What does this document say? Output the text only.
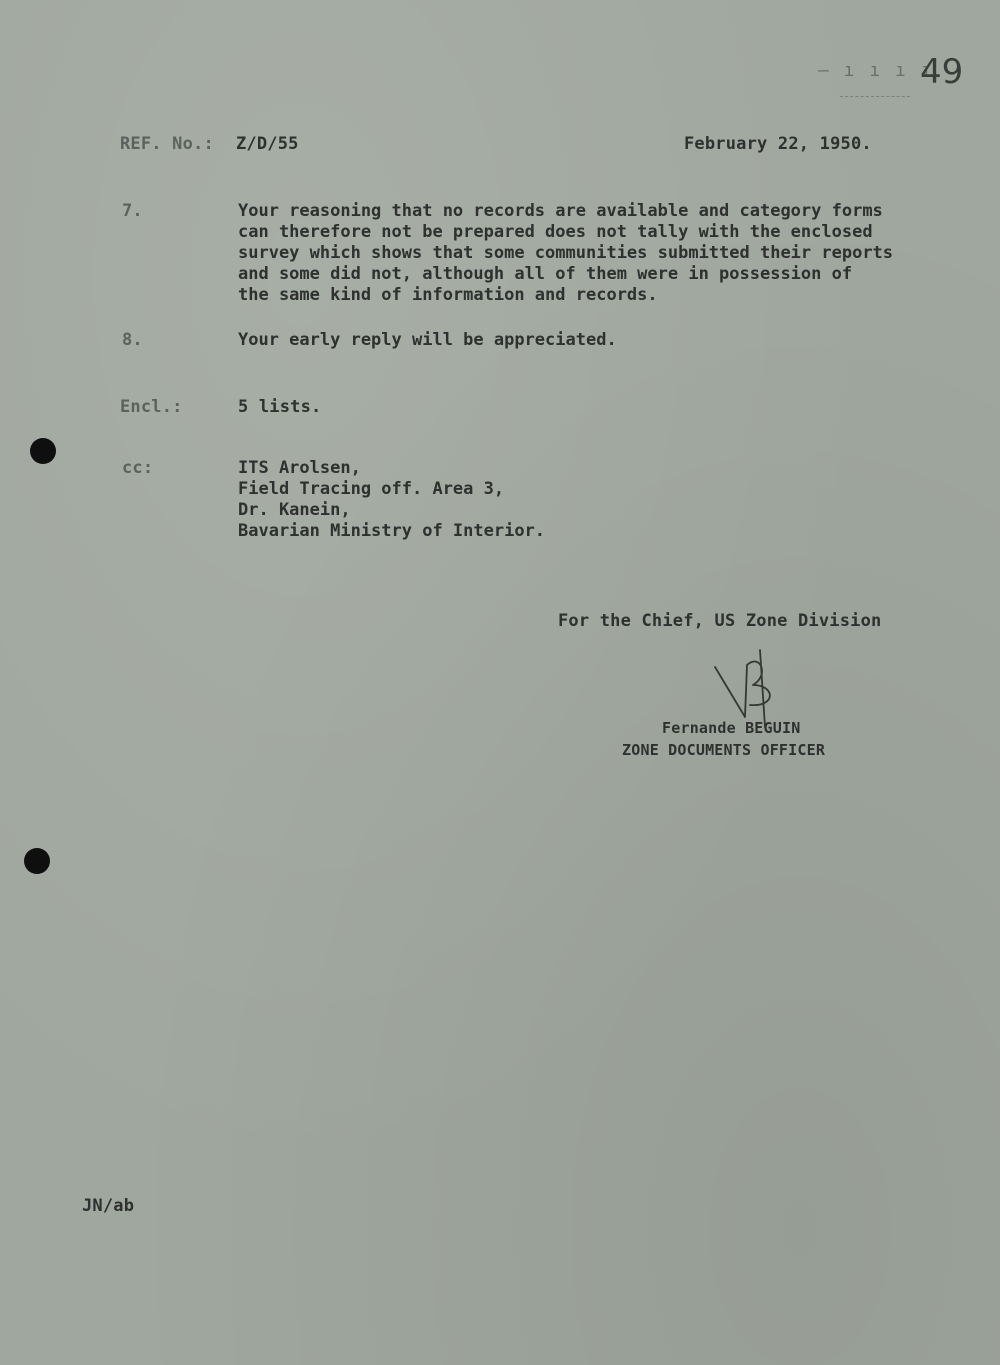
– ı ı ı ı
49
REF. No.: Z/D/55	February 22, 1950.
7.	Your reasoning that no records are available and category forms
can therefore not be prepared does not tally with the enclosed
survey which shows that some communities submitted their reports
and some did not, although all of them were in possession of
the same kind of information and records.
8.	Your early reply will be appreciated.
Encl.:	5 lists.
cc:	ITS Arolsen,
Field Tracing off. Area 3,
Dr. Kanein,
Bavarian Ministry of Interior.
For the Chief, US Zone Division
Fernande BEGUIN
ZONE DOCUMENTS OFFICER
JN/ab
